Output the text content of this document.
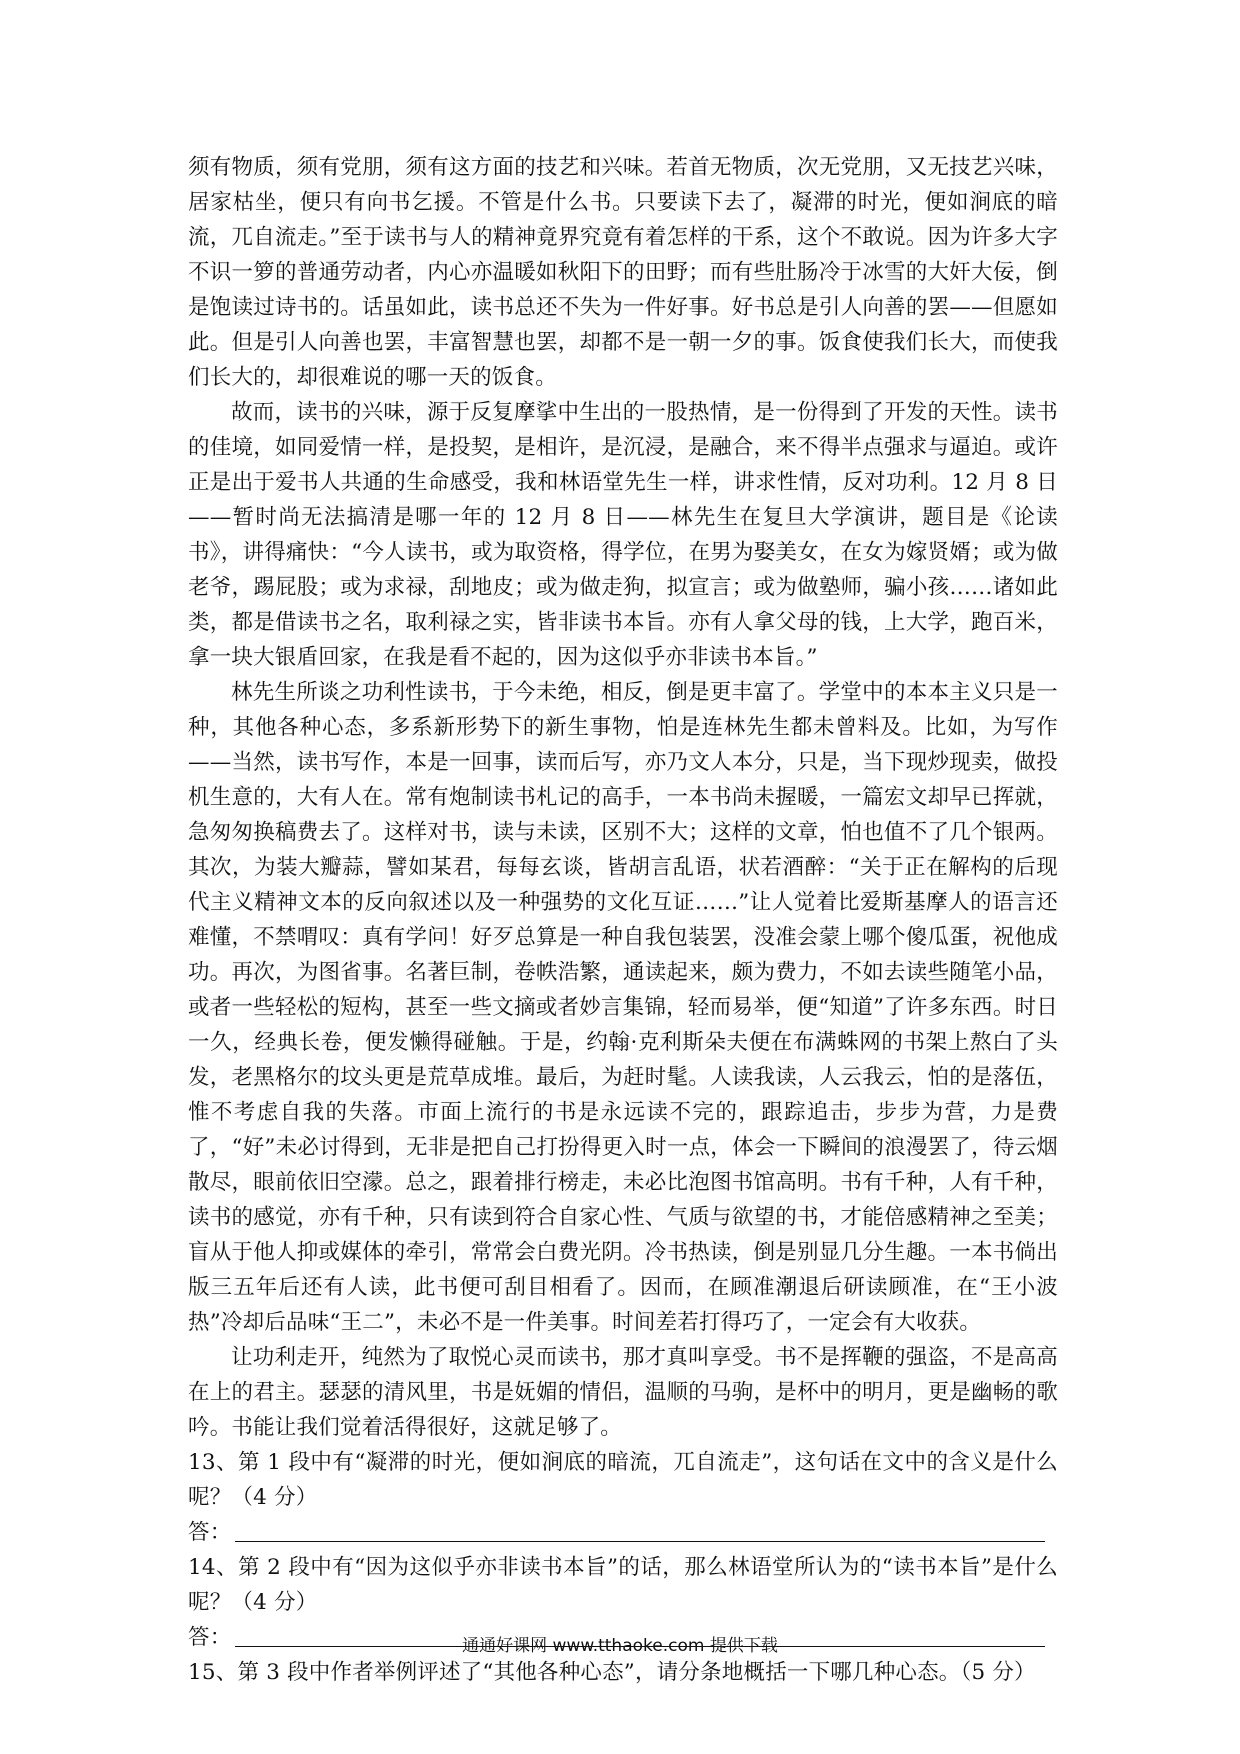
须有物质，须有党朋，须有这方面的技艺和兴味。若首无物质，次无党朋，又无技艺兴味，居家枯坐，便只有向书乞援。不管是什么书。只要读下去了，凝滞的时光，便如涧底的暗流，兀自流走。”至于读书与人的精神竟界究竟有着怎样的干系，这个不敢说。因为许多大字不识一箩的普通劳动者，内心亦温暖如秋阳下的田野；而有些肚肠冷于冰雪的大奸大佞，倒是饱读过诗书的。话虽如此，读书总还不失为一件好事。好书总是引人向善的罢——但愿如此。但是引人向善也罢，丰富智慧也罢，却都不是一朝一夕的事。饭食使我们长大，而使我们长大的，却很难说的哪一天的饭食。

故而，读书的兴味，源于反复摩挲中生出的一股热情，是一份得到了开发的天性。读书的佳境，如同爱情一样，是投契，是相许，是沉浸，是融合，来不得半点强求与逼迫。或许正是出于爱书人共通的生命感受，我和林语堂先生一样，讲求性情，反对功利。12 月 8 日——暂时尚无法搞清是哪一年的 12 月 8 日——林先生在复旦大学演讲，题目是《论读书》，讲得痛快：“今人读书，或为取资格，得学位，在男为娶美女，在女为嫁贤婿；或为做老爷，踢屁股；或为求禄，刮地皮；或为做走狗，拟宣言；或为做塾师，骗小孩……诸如此类，都是借读书之名，取利禄之实，皆非读书本旨。亦有人拿父母的钱，上大学，跑百米，拿一块大银盾回家，在我是看不起的，因为这似乎亦非读书本旨。”

林先生所谈之功利性读书，于今未绝，相反，倒是更丰富了。学堂中的本本主义只是一种，其他各种心态，多系新形势下的新生事物，怕是连林先生都未曾料及。比如，为写作——当然，读书写作，本是一回事，读而后写，亦乃文人本分，只是，当下现炒现卖，做投机生意的，大有人在。常有炮制读书札记的高手，一本书尚未握暖，一篇宏文却早已挥就，急匆匆换稿费去了。这样对书，读与未读，区别不大；这样的文章，怕也值不了几个银两。其次，为装大瓣蒜，譬如某君，每每玄谈，皆胡言乱语，状若酒醉：“关于正在解构的后现代主义精神文本的反向叙述以及一种强势的文化互证……”让人觉着比爱斯基摩人的语言还难懂，不禁喟叹：真有学问！好歹总算是一种自我包装罢，没准会蒙上哪个傻瓜蛋，祝他成功。再次，为图省事。名著巨制，卷帙浩繁，通读起来，颇为费力，不如去读些随笔小品，或者一些轻松的短构，甚至一些文摘或者妙言集锦，轻而易举，便“知道”了许多东西。时日一久，经典长卷，便发懒得碰触。于是，约翰·克利斯朵夫便在布满蛛网的书架上熬白了头发，老黑格尔的坟头更是荒草成堆。最后，为赶时髦。人读我读，人云我云，怕的是落伍，惟不考虑自我的失落。市面上流行的书是永远读不完的，跟踪追击，步步为营，力是费了，“好”未必讨得到，无非是把自己打扮得更入时一点，体会一下瞬间的浪漫罢了，待云烟散尽，眼前依旧空濛。总之，跟着排行榜走，未必比泡图书馆高明。书有千种，人有千种，读书的感觉，亦有千种，只有读到符合自家心性、气质与欲望的书，才能倍感精神之至美；盲从于他人抑或媒体的牵引，常常会白费光阴。冷书热读，倒是别显几分生趣。一本书倘出版三五年后还有人读，此书便可刮目相看了。因而，在顾准潮退后研读顾准，在“王小波热”冷却后品味“王二”，未必不是一件美事。时间差若打得巧了，一定会有大收获。

让功利走开，纯然为了取悦心灵而读书，那才真叫享受。书不是挥鞭的强盗，不是高高在上的君主。瑟瑟的清风里，书是妩媚的情侣，温顺的马驹，是杯中的明月，更是幽畅的歌吟。书能让我们觉着活得很好，这就足够了。

13、第 1 段中有“凝滞的时光，便如涧底的暗流，兀自流走”，这句话在文中的含义是什么呢？（4 分）

答：

14、第 2 段中有“因为这似乎亦非读书本旨”的话，那么林语堂所认为的“读书本旨”是什么呢？（4 分）

答：

15、第 3 段中作者举例评述了“其他各种心态”，请分条地概括一下哪几种心态。（5 分）

通通好课网 www.tthaoke.com 提供下载
